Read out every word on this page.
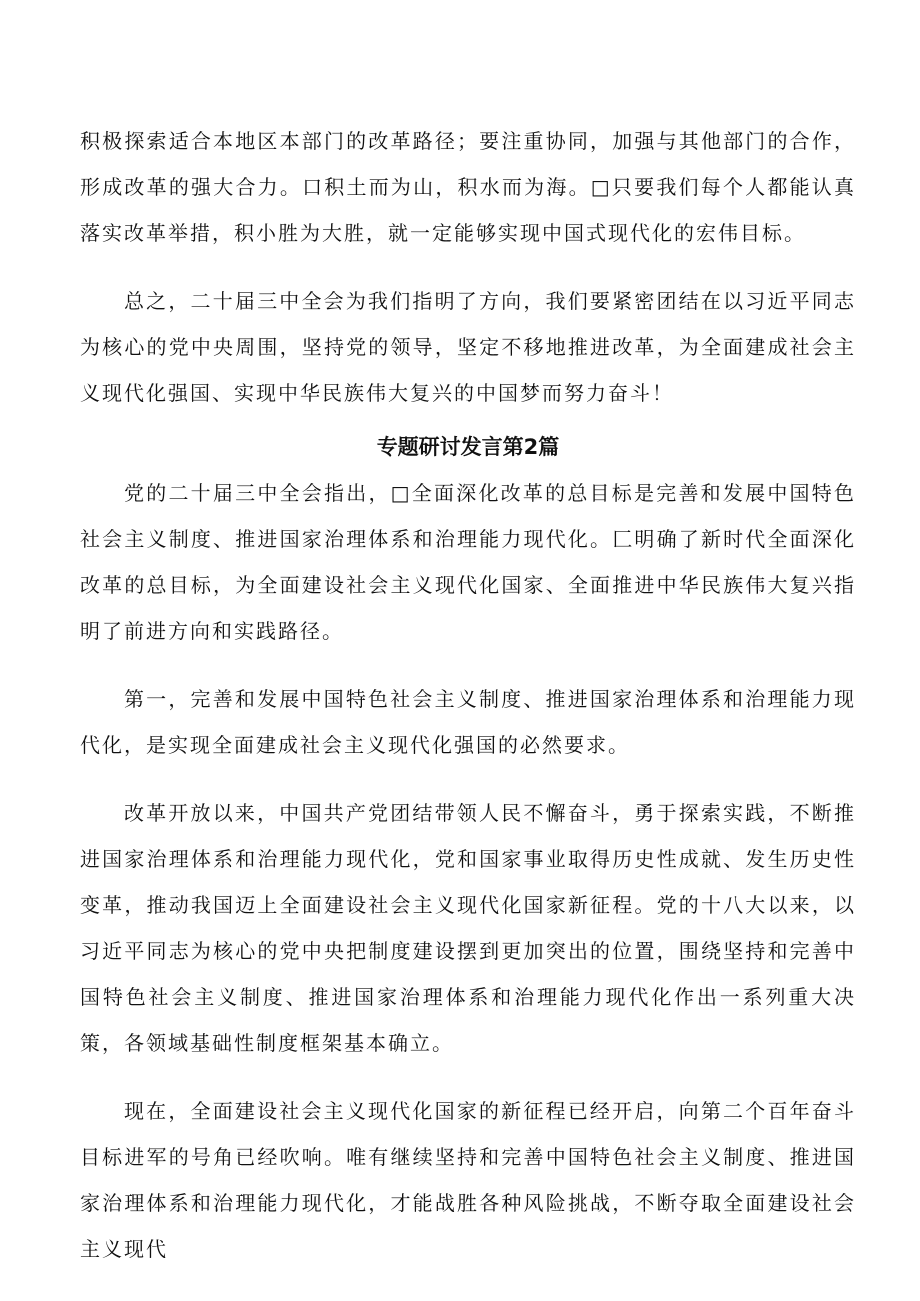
积极探索适合本地区本部门的改革路径；要注重协同，加强与其他部门的合作，形成改革的强大合力。口积土而为山，积水而为海。□只要我们每个人都能认真落实改革举措，积小胜为大胜，就一定能够实现中国式现代化的宏伟目标。

总之，二十届三中全会为我们指明了方向，我们要紧密团结在以习近平同志为核心的党中央周围，坚持党的领导，坚定不移地推进改革，为全面建成社会主义现代化强国、实现中华民族伟大复兴的中国梦而努力奋斗！

专题研讨发言第2篇

党的二十届三中全会指出，□全面深化改革的总目标是完善和发展中国特色社会主义制度、推进国家治理体系和治理能力现代化。匚明确了新时代全面深化改革的总目标，为全面建设社会主义现代化国家、全面推进中华民族伟大复兴指明了前进方向和实践路径。

第一，完善和发展中国特色社会主义制度、推进国家治理体系和治理能力现代化，是实现全面建成社会主义现代化强国的必然要求。

改革开放以来，中国共产党团结带领人民不懈奋斗，勇于探索实践，不断推进国家治理体系和治理能力现代化，党和国家事业取得历史性成就、发生历史性变革，推动我国迈上全面建设社会主义现代化国家新征程。党的十八大以来，以习近平同志为核心的党中央把制度建设摆到更加突出的位置，围绕坚持和完善中国特色社会主义制度、推进国家治理体系和治理能力现代化作出一系列重大决策，各领域基础性制度框架基本确立。

现在，全面建设社会主义现代化国家的新征程已经开启，向第二个百年奋斗目标进军的号角已经吹响。唯有继续坚持和完善中国特色社会主义制度、推进国家治理体系和治理能力现代化，才能战胜各种风险挑战，不断夺取全面建设社会主义现代
